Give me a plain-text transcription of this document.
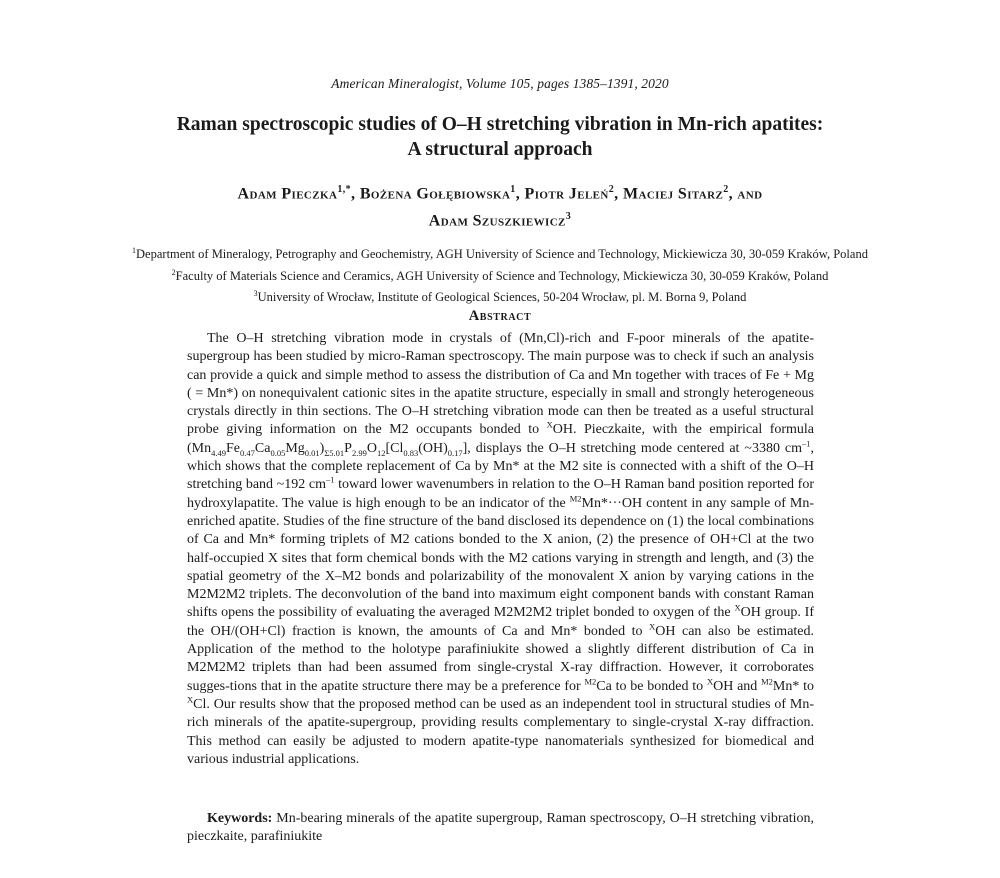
American Mineralogist, Volume 105, pages 1385–1391, 2020
Raman spectroscopic studies of O–H stretching vibration in Mn-rich apatites:
A structural approach
Adam Pieczka$^{1,*}$, Bożena Gołębiowska$^1$, Piotr Jeleń$^2$, Maciej Sitarz$^2$, and
Adam Szuszkiewicz$^3$
$^1$Department of Mineralogy, Petrography and Geochemistry, AGH University of Science and Technology, Mickiewicza 30, 30-059 Kraków, Poland
$^2$Faculty of Materials Science and Ceramics, AGH University of Science and Technology, Mickiewicza 30, 30-059 Kraków, Poland
$^3$University of Wrocław, Institute of Geological Sciences, 50-204 Wrocław, pl. M. Borna 9, Poland
Abstract

The O–H stretching vibration mode in crystals of (Mn,Cl)-rich and F-poor minerals of the apatite-supergroup has been studied by micro-Raman spectroscopy. The main purpose was to check if such an analysis can provide a quick and simple method to assess the distribution of Ca and Mn together with traces of Fe + Mg ( = Mn*) on nonequivalent cationic sites in the apatite structure, especially in small and strongly heterogeneous crystals directly in thin sections. The O–H stretching vibration mode can then be treated as a useful structural probe giving information on the M2 occupants bonded to $^X$OH. Pieczkaite, with the empirical formula $(Mn_{4.49}Fe_{0.47}Ca_{0.05}Mg_{0.01})_{\Sigma 5.01}P_{2.99}O_{12}[Cl_{0.83}(OH)_{0.17}]$, displays the O–H stretching mode centered at ~3380 $cm^{-1}$, which shows that the complete replacement of Ca by Mn* at the M2 site is connected with a shift of the O–H stretching band ~192 $cm^{-1}$ toward lower wavenumbers in relation to the O–H Raman band position reported for hydroxylapatite. The value is high enough to be an indicator of the $^{M2}$Mn*···OH content in any sample of Mn-enriched apatite. Studies of the fine structure of the band disclosed its dependence on (1) the local combinations of Ca and Mn* forming triplets of M2 cations bonded to the X anion, (2) the presence of OH+Cl at the two half-occupied X sites that form chemical bonds with the M2 cations varying in strength and length, and (3) the spatial geometry of the X–M2 bonds and polarizability of the monovalent X anion by varying cations in the M2M2M2 triplets. The deconvolution of the band into maximum eight component bands with constant Raman shifts opens the possibility of evaluating the averaged M2M2M2 triplet bonded to oxygen of the $^X$OH group. If the OH/(OH+Cl) fraction is known, the amounts of Ca and Mn* bonded to $^X$OH can also be estimated. Application of the method to the holotype parafiniukite showed a slightly different distribution of Ca in M2M2M2 triplets than had been assumed from single-crystal X-ray diffraction. However, it corroborates sugges-tions that in the apatite structure there may be a preference for $^{M2}$Ca to be bonded to $^X$OH and $^{M2}$Mn* to $^X$Cl. Our results show that the proposed method can be used as an independent tool in structural studies of Mn-rich minerals of the apatite-supergroup, providing results complementary to single-crystal X-ray diffraction. This method can easily be adjusted to modern apatite-type nanomaterials synthesized for biomedical and various industrial applications.

Keywords: Mn-bearing minerals of the apatite supergroup, Raman spectroscopy, O–H stretching vibration, pieczkaite, parafiniukite
